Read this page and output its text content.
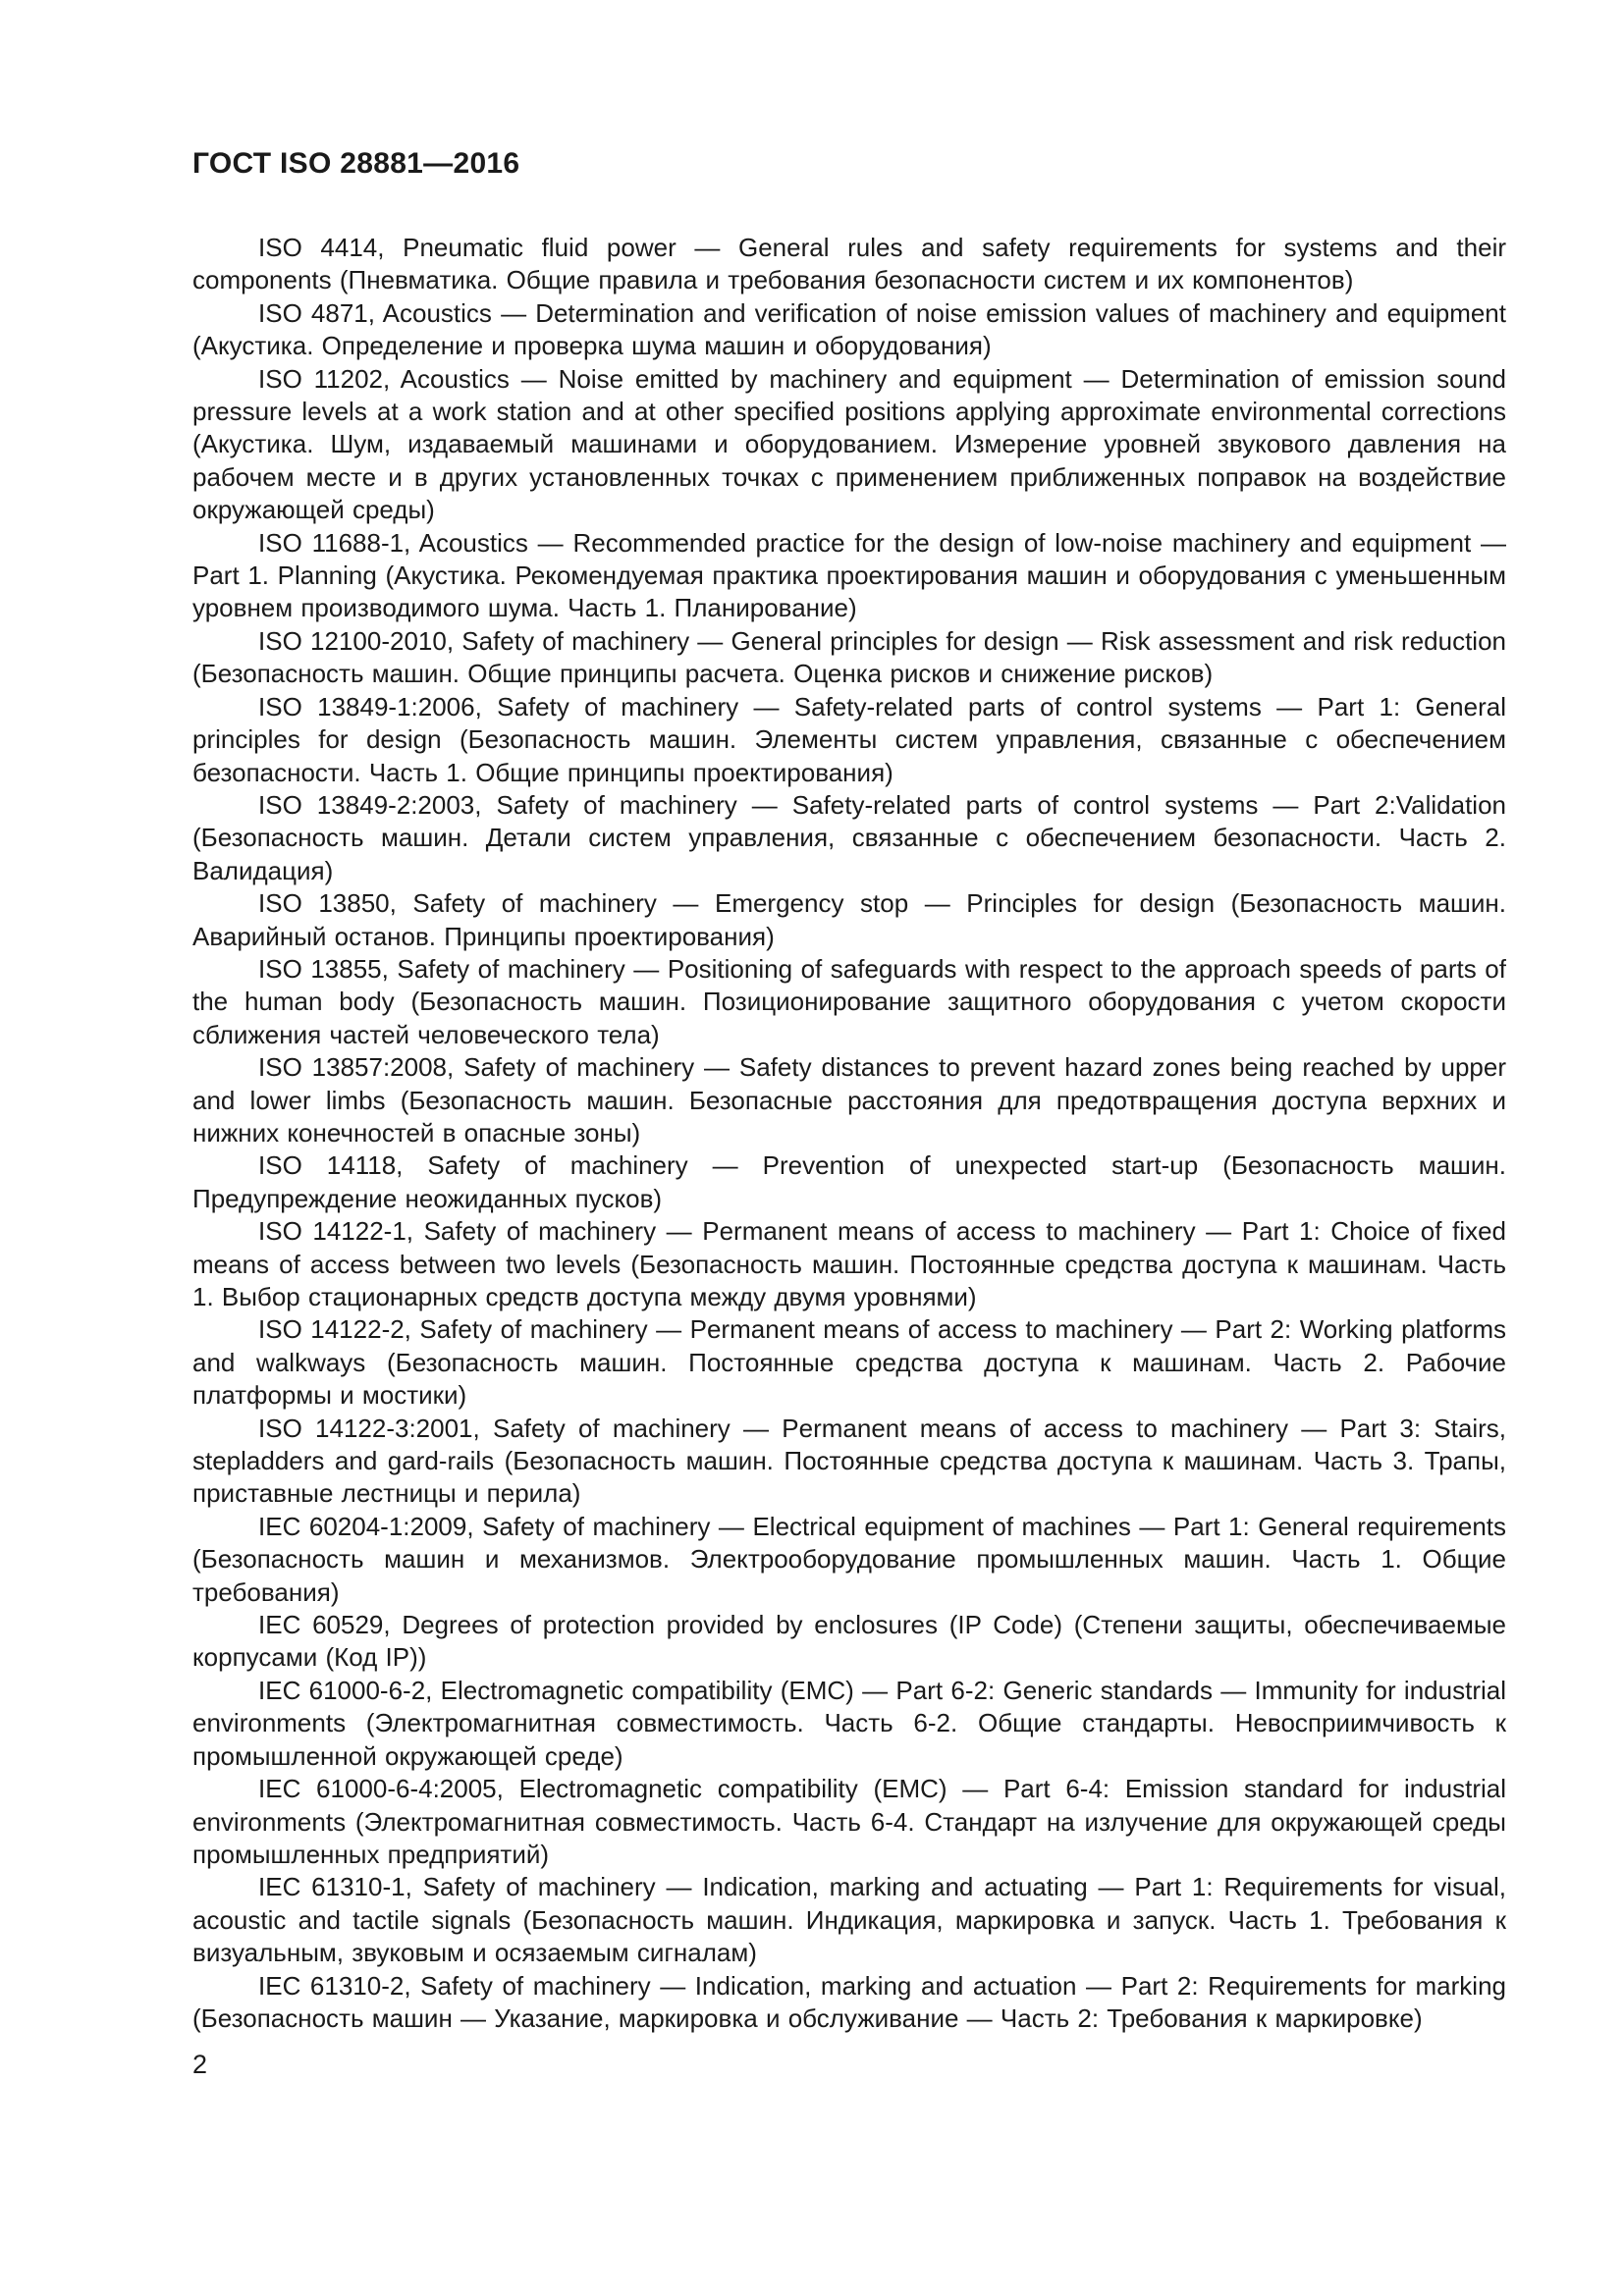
ГОСТ ISO 28881—2016

ISO 4414, Pneumatic fluid power — General rules and safety requirements for systems and their components (Пневматика. Общие правила и требования безопасности систем и их компонентов)

ISO 4871, Acoustics — Determination and verification of noise emission values of machinery and equipment (Акустика. Определение и проверка шума машин и оборудования)

ISO 11202, Acoustics — Noise emitted by machinery and equipment — Determination of emission sound pressure levels at a work station and at other specified positions applying approximate environmental corrections (Акустика. Шум, издаваемый машинами и оборудованием. Измерение уровней звукового давления на рабочем месте и в других установленных точках с применением приближенных поправок на воздействие окружающей среды)

ISO 11688-1, Acoustics — Recommended practice for the design of low-noise machinery and equipment — Part 1. Planning (Акустика. Рекомендуемая практика проектирования машин и оборудования с уменьшенным уровнем производимого шума. Часть 1. Планирование)

ISO 12100-2010, Safety of machinery — General principles for design — Risk assessment and risk reduction (Безопасность машин. Общие принципы расчета. Оценка рисков и снижение рисков)

ISO 13849-1:2006, Safety of machinery — Safety-related parts of control systems — Part 1: General principles for design (Безопасность машин. Элементы систем управления, связанные с обеспечением безопасности. Часть 1. Общие принципы проектирования)

ISO 13849-2:2003, Safety of machinery — Safety-related parts of control systems — Part 2:Validation (Безопасность машин. Детали систем управления, связанные с обеспечением безопасности. Часть 2. Валидация)

ISO 13850, Safety of machinery — Emergency stop — Principles for design (Безопасность машин. Аварийный останов. Принципы проектирования)

ISO 13855, Safety of machinery — Positioning of safeguards with respect to the approach speeds of parts of the human body (Безопасность машин. Позиционирование защитного оборудования с учетом скорости сближения частей человеческого тела)

ISO 13857:2008, Safety of machinery — Safety distances to prevent hazard zones being reached by upper and lower limbs (Безопасность машин. Безопасные расстояния для предотвращения доступа верхних и нижних конечностей в опасные зоны)

ISO 14118, Safety of machinery — Prevention of unexpected start-up (Безопасность машин. Предупреждение неожиданных пусков)

ISO 14122-1, Safety of machinery — Permanent means of access to machinery — Part 1: Choice of fixed means of access between two levels (Безопасность машин. Постоянные средства доступа к машинам. Часть 1. Выбор стационарных средств доступа между двумя уровнями)

ISO 14122-2, Safety of machinery — Permanent means of access to machinery — Part 2: Working platforms and walkways (Безопасность машин. Постоянные средства доступа к машинам. Часть 2. Рабочие платформы и мостики)

ISO 14122-3:2001, Safety of machinery — Permanent means of access to machinery — Part 3: Stairs, stepladders and gard-rails (Безопасность машин. Постоянные средства доступа к машинам. Часть 3. Трапы, приставные лестницы и перила)

IEC 60204-1:2009, Safety of machinery — Electrical equipment of machines — Part 1: General requirements (Безопасность машин и механизмов. Электрооборудование промышленных машин. Часть 1. Общие требования)

IEC 60529, Degrees of protection provided by enclosures (IP Code) (Степени защиты, обеспечиваемые корпусами (Код IP))

IEC 61000-6-2, Electromagnetic compatibility (EMC) — Part 6-2: Generic standards — Immunity for industrial environments (Электромагнитная совместимость. Часть 6-2. Общие стандарты. Невосприимчивость к промышленной окружающей среде)

IEC 61000-6-4:2005, Electromagnetic compatibility (EMC) — Part 6-4: Emission standard for industrial environments (Электромагнитная совместимость. Часть 6-4. Стандарт на излучение для окружающей среды промышленных предприятий)

IEC 61310-1, Safety of machinery — Indication, marking and actuating — Part 1: Requirements for visual, acoustic and tactile signals (Безопасность машин. Индикация, маркировка и запуск. Часть 1. Требования к визуальным, звуковым и осязаемым сигналам)

IEC 61310-2, Safety of machinery — Indication, marking and actuation — Part 2: Requirements for marking (Безопасность машин — Указание, маркировка и обслуживание — Часть 2: Требования к маркировке)

2
